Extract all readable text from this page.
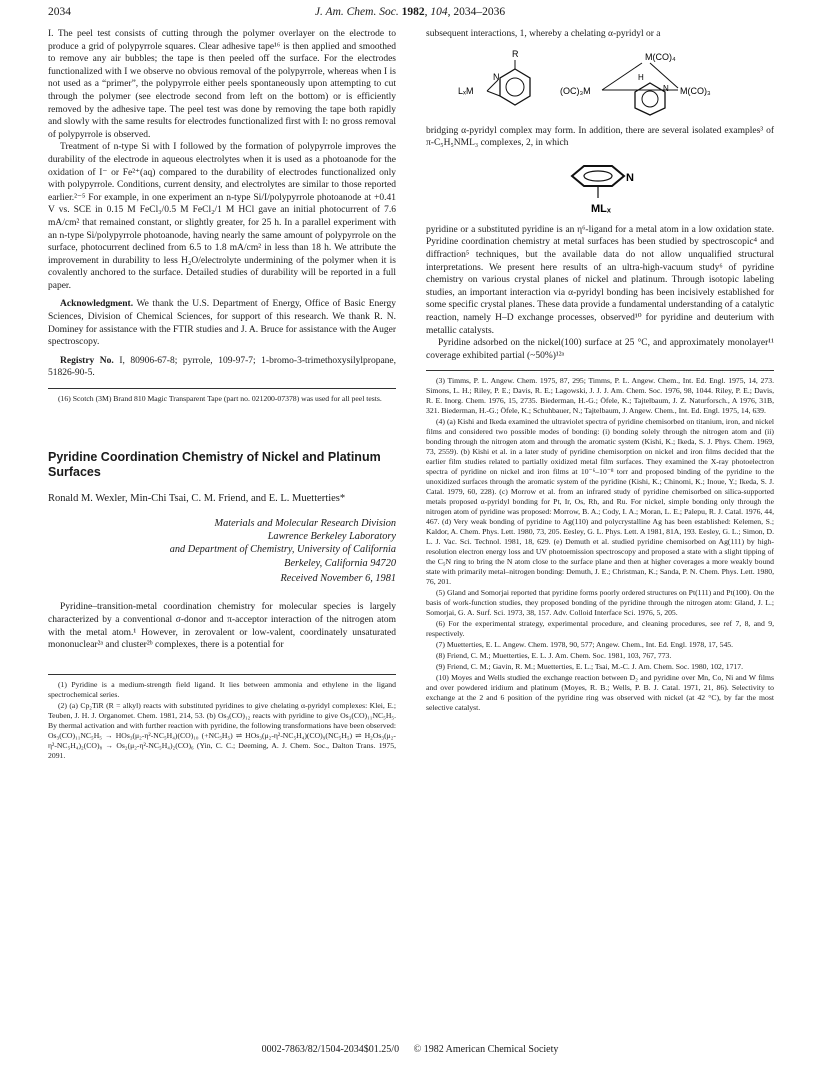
2034	J. Am. Chem. Soc. 1982, 104, 2034–2036

I. The peel test consists of cutting through the polymer overlayer on the electrode to produce a grid of polypyrrole squares. Clear adhesive tape¹⁶ is then applied and smoothed to remove any air bubbles; the tape is then peeled off the surface. For the electrodes functionalized with I we observe no obvious removal of the polypyrrole, whereas when I is not used as a “primer”, the polypyrrole either peels spontaneously upon attempting to cut through the polymer (see electrode second from left on the bottom) or is efficiently removed by the adhesive tape. The peel test was done by removing the tape both rapidly and slowly with the same results for electrodes functionalized first with I: no gross removal of polypyrrole is observed.

Treatment of n-type Si with I followed by the formation of polypyrrole improves the durability of the electrode in aqueous electrolytes when it is used as a photoanode for the oxidation of I⁻ or Fe²⁺(aq) compared to the durability of electrodes functionalized only with polypyrrole. Conditions, current density, and electrolytes are similar to those reported earlier.²⁻⁵ For example, in one experiment an n-type Si/I/polypyrrole photoanode at +0.41 V vs. SCE in 0.15 M FeCl₃/0.5 M FeCl₂/1 M HCl gave an initial photocurrent of 7.6 mA/cm² that remained constant, or slightly greater, for 25 h. In a parallel experiment with an n-type Si/polypyrrole photoanode, having nearly the same amount of polypyrrole on the surface, photocurrent declined from 6.5 to 1.8 mA/cm² in less than 18 h. We attribute the improvement in durability to less H₂O/electrolyte undermining of the polymer when it is covalently anchored to the surface. Detailed studies of durability will be reported in a full paper.

Acknowledgment. We thank the U.S. Department of Energy, Office of Basic Energy Sciences, Division of Chemical Sciences, for support of this research. We thank R. N. Dominey for assistance with the FTIR studies and J. A. Bruce for assistance with the Auger spectroscopy.

Registry No. I, 80906-67-8; pyrrole, 109-97-7; 1-bromo-3-trimethoxysilylpropane, 51826-90-5.

(16) Scotch (3M) Brand 810 Magic Transparent Tape (part no. 021200-07378) was used for all peel tests.

Pyridine Coordination Chemistry of Nickel and Platinum Surfaces
Ronald M. Wexler, Min-Chi Tsai, C. M. Friend, and E. L. Muetterties*
Materials and Molecular Research Division
Lawrence Berkeley Laboratory
and Department of Chemistry, University of California
Berkeley, California 94720
Received November 6, 1981

Pyridine–transition-metal coordination chemistry for molecular species is largely characterized by a conventional σ-donor and π-acceptor interaction of the nitrogen atom with the metal atom.¹ However, in zerovalent or low-valent, coordinately unsaturated mononuclear²ᵃ and cluster²ᵇ complexes, there is a potential for

(1) Pyridine is a medium-strength field ligand. It lies between ammonia and ethylene in the ligand spectrochemical series.

(2) (a) Cp₂TiR (R = alkyl) reacts with substituted pyridines to give chelating α-pyridyl complexes: Klei, E.; Teuben, J. H. J. Organomet. Chem. 1981, 214, 53. (b) Os₃(CO)₁₂ reacts with pyridine to give Os₃(CO)₁₁NC₅H₅. By thermal activation and with further reaction with pyridine, the following transformations have been observed: Os₃(CO)₁₁NC₅H₅ → HOs₃(μ₂-η²-NC₅H₄)(CO)₁₀ (+NC₅H₅) ⇌ HOs₃(μ₂-η²-NC₅H₄)(CO)₉(NC₅H₅) ⇌ H₂Os₃(μ₂-η²-NC₅H₄)₂(CO)₈ → Os₂(μ₂-η²-NC₅H₄)₂(CO)₆ (Yin, C. C.; Deeming, A. J. Chem. Soc., Dalton Trans. 1975, 2091.

subsequent interactions, 1, whereby a chelating α-pyridyl or a

R
N
LₓM	(OC)₃M
M(CO)₄
H
M(CO)₃
N

bridging α-pyridyl complex may form. In addition, there are several isolated examples³ of π-C₅H₅NML₃ complexes, 2, in which

N
MLₓ

pyridine or a substituted pyridine is an η⁶-ligand for a metal atom in a low oxidation state. Pyridine coordination chemistry at metal surfaces has been studied by spectroscopic⁴ and diffraction⁵ techniques, but the available data do not allow unqualified structural interpretations. We present here results of an ultra-high-vacuum study⁶ of pyridine chemistry on various crystal planes of nickel and platinum. Through isotopic labeling studies, an important interaction via α-pyridyl bonding has been incisively established for some specific crystal planes. These data provide a fundamental understanding of a catalytic reaction, namely H–D exchange processes, observed¹⁰ for pyridine and deuterium with metallic catalysts.

Pyridine adsorbed on the nickel(100) surface at 25 °C, and approximately monolayer¹¹ coverage exhibited partial (~50%)¹²ᵃ

(3) Timms, P. L. Angew. Chem. 1975, 87, 295; Timms, P. L. Angew. Chem., Int. Ed. Engl. 1975, 14, 273. Simons, L. H.; Riley, P. E.; Davis, R. E.; Lagowski, J. J. J. Am. Chem. Soc. 1976, 98, 1044. Riley, P. E.; Davis, R. E. Inorg. Chem. 1976, 15, 2735. Biederman, H.-G.; Öfele, K.; Tajtelbaum, J. Z. Naturforsch., A 1976, 31B, 321. Biederman, H.-G.; Öfele, K.; Schuhbauer, N.; Tajtelbaum, J. Angew. Chem., Int. Ed. Engl. 1975, 14, 639.

(4) (a) Kishi and Ikeda examined the ultraviolet spectra of pyridine chemisorbed on titanium, iron, and nickel films and considered two possible modes of bonding: (i) bonding solely through the nitrogen atom and (ii) bonding through the nitrogen atom and through the aromatic system (Kishi, K.; Ikeda, S. J. Phys. Chem. 1969, 73, 2559). (b) Kishi et al. in a later study of pyridine chemisorption on nickel and iron films decided that the earlier film studies related to partially oxidized metal film surfaces. They examined the X-ray photoelectron spectra of pyridine on nickel and iron films at 10⁻⁶–10⁻⁸ torr and proposed binding of the pyridine to the unoxidized surfaces through the aromatic system of the pyridine (Kishi, K.; Chinomi, K.; Inoue, Y.; Ikeda, S. J. Catal. 1979, 60, 228). (c) Morrow et al. from an infrared study of pyridine chemisorbed on silica-supported metals proposed α-pyridyl bonding for Pt, Ir, Os, Rh, and Ru. For nickel, simple bonding only through the nitrogen atom of pyridine was proposed: Morrow, B. A.; Cody, I. A.; Moran, L. E.; Palepu, R. J. Catal. 1976, 44, 467. (d) Very weak bonding of pyridine to Ag(110) and polycrystalline Ag has been established: Kelemen, S.; Kaldor, A. Chem. Phys. Lett. 1980, 73, 205. Eesley, G. L. Phys. Lett. A 1981, 81A, 193. Eesley, G. L.; Simon, D. L. J. Vac. Sci. Technol. 1981, 18, 629. (e) Demuth et al. studied pyridine chemisorbed on Ag(111) by high-resolution electron energy loss and UV photoemission spectroscopy and proposed a state with a slight tipping of the C₅N ring to bring the N atom close to the surface plane and then at higher coverages a more weakly bound state with primarily metal–nitrogen bonding: Demuth, J. E.; Christman, K.; Sanda, P. N. Chem. Phys. Lett. 1980, 76, 201.

(5) Gland and Somorjai reported that pyridine forms poorly ordered structures on Pt(111) and Pt(100). On the basis of work-function studies, they proposed bonding of the pyridine through the nitrogen atom: Gland, J. L.; Somorjai, G. A. Surf. Sci. 1973, 38, 157. Adv. Colloid Interface Sci. 1976, 5, 205.

(6) For the experimental strategy, experimental procedure, and cleaning procedures, see ref 7, 8, and 9, respectively.

(7) Muetterties, E. L. Angew. Chem. 1978, 90, 577; Angew. Chem., Int. Ed. Engl. 1978, 17, 545.

(8) Friend, C. M.; Muetterties, E. L. J. Am. Chem. Soc. 1981, 103, 767, 773.

(9) Friend, C. M.; Gavin, R. M.; Muetterties, E. L.; Tsai, M.-C. J. Am. Chem. Soc. 1980, 102, 1717.

(10) Moyes and Wells studied the exchange reaction between D₂ and pyridine over Mn, Co, Ni and W films and over powdered iridium and platinum (Moyes, R. B.; Wells, P. B. J. Catal. 1971, 21, 86). Selectivity to exchange at the 2 and 6 position of the pyridine ring was observed with nickel (at 42 °C), by far the most selective catalyst.

0002-7863/82/1504-2034$01.25/0 © 1982 American Chemical Society
